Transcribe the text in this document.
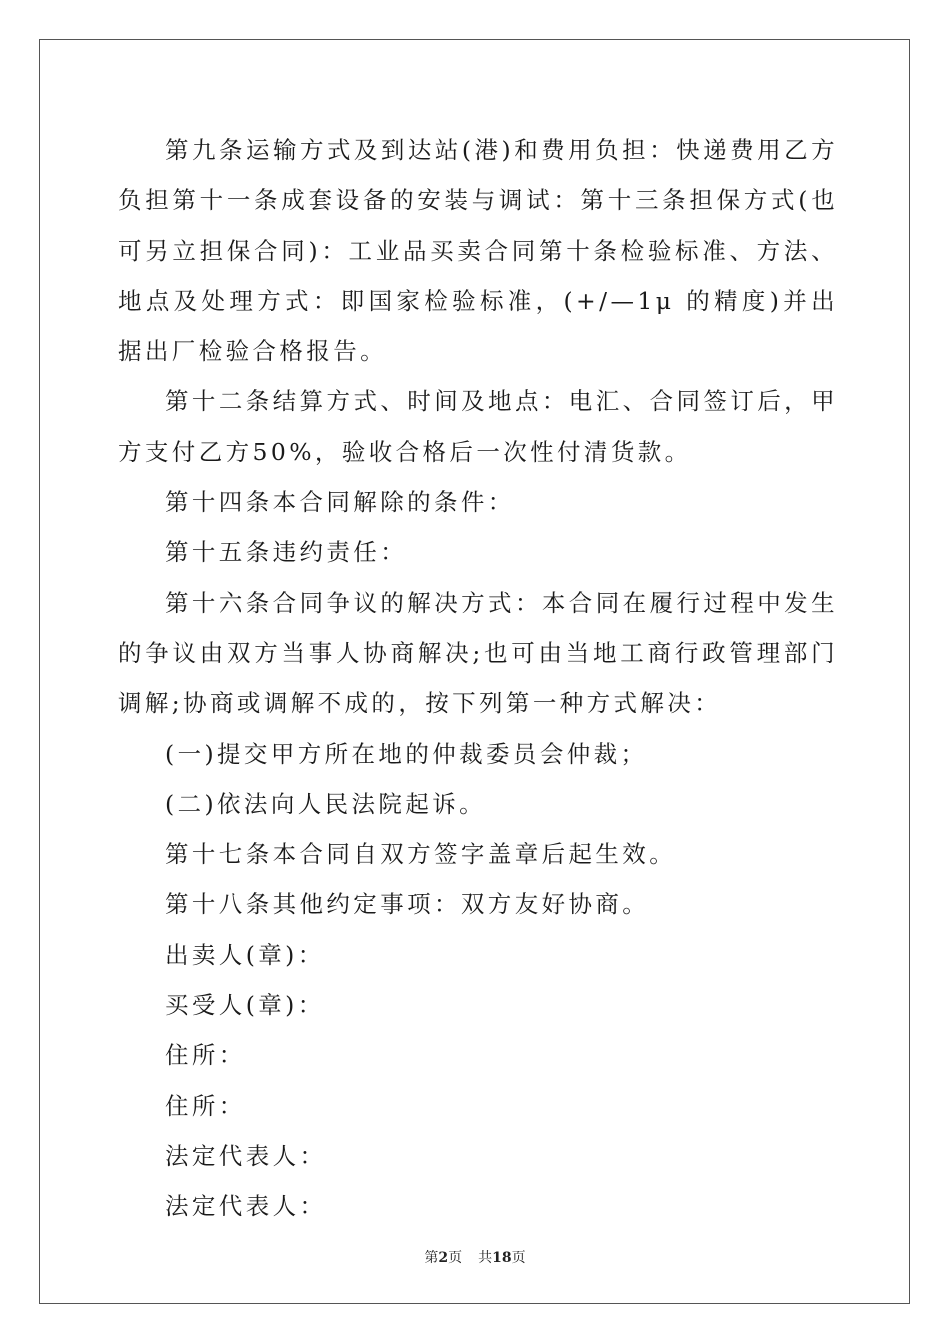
第九条运输方式及到达站(港)和费用负担：快递费用乙方负担第十一条成套设备的安装与调试：第十三条担保方式(也可另立担保合同)：工业品买卖合同第十条检验标准、方法、地点及处理方式：即国家检验标准，(+/—1μ 的精度)并出据出厂检验合格报告。

第十二条结算方式、时间及地点：电汇、合同签订后，甲方支付乙方50%，验收合格后一次性付清货款。

第十四条本合同解除的条件：

第十五条违约责任：

第十六条合同争议的解决方式：本合同在履行过程中发生的争议由双方当事人协商解决;也可由当地工商行政管理部门调解;协商或调解不成的，按下列第一种方式解决：

(一)提交甲方所在地的仲裁委员会仲裁；

(二)依法向人民法院起诉。

第十七条本合同自双方签字盖章后起生效。

第十八条其他约定事项：双方友好协商。

出卖人(章)：

买受人(章)：

住所：

住所：

法定代表人：

法定代表人：

第2页 共18页
